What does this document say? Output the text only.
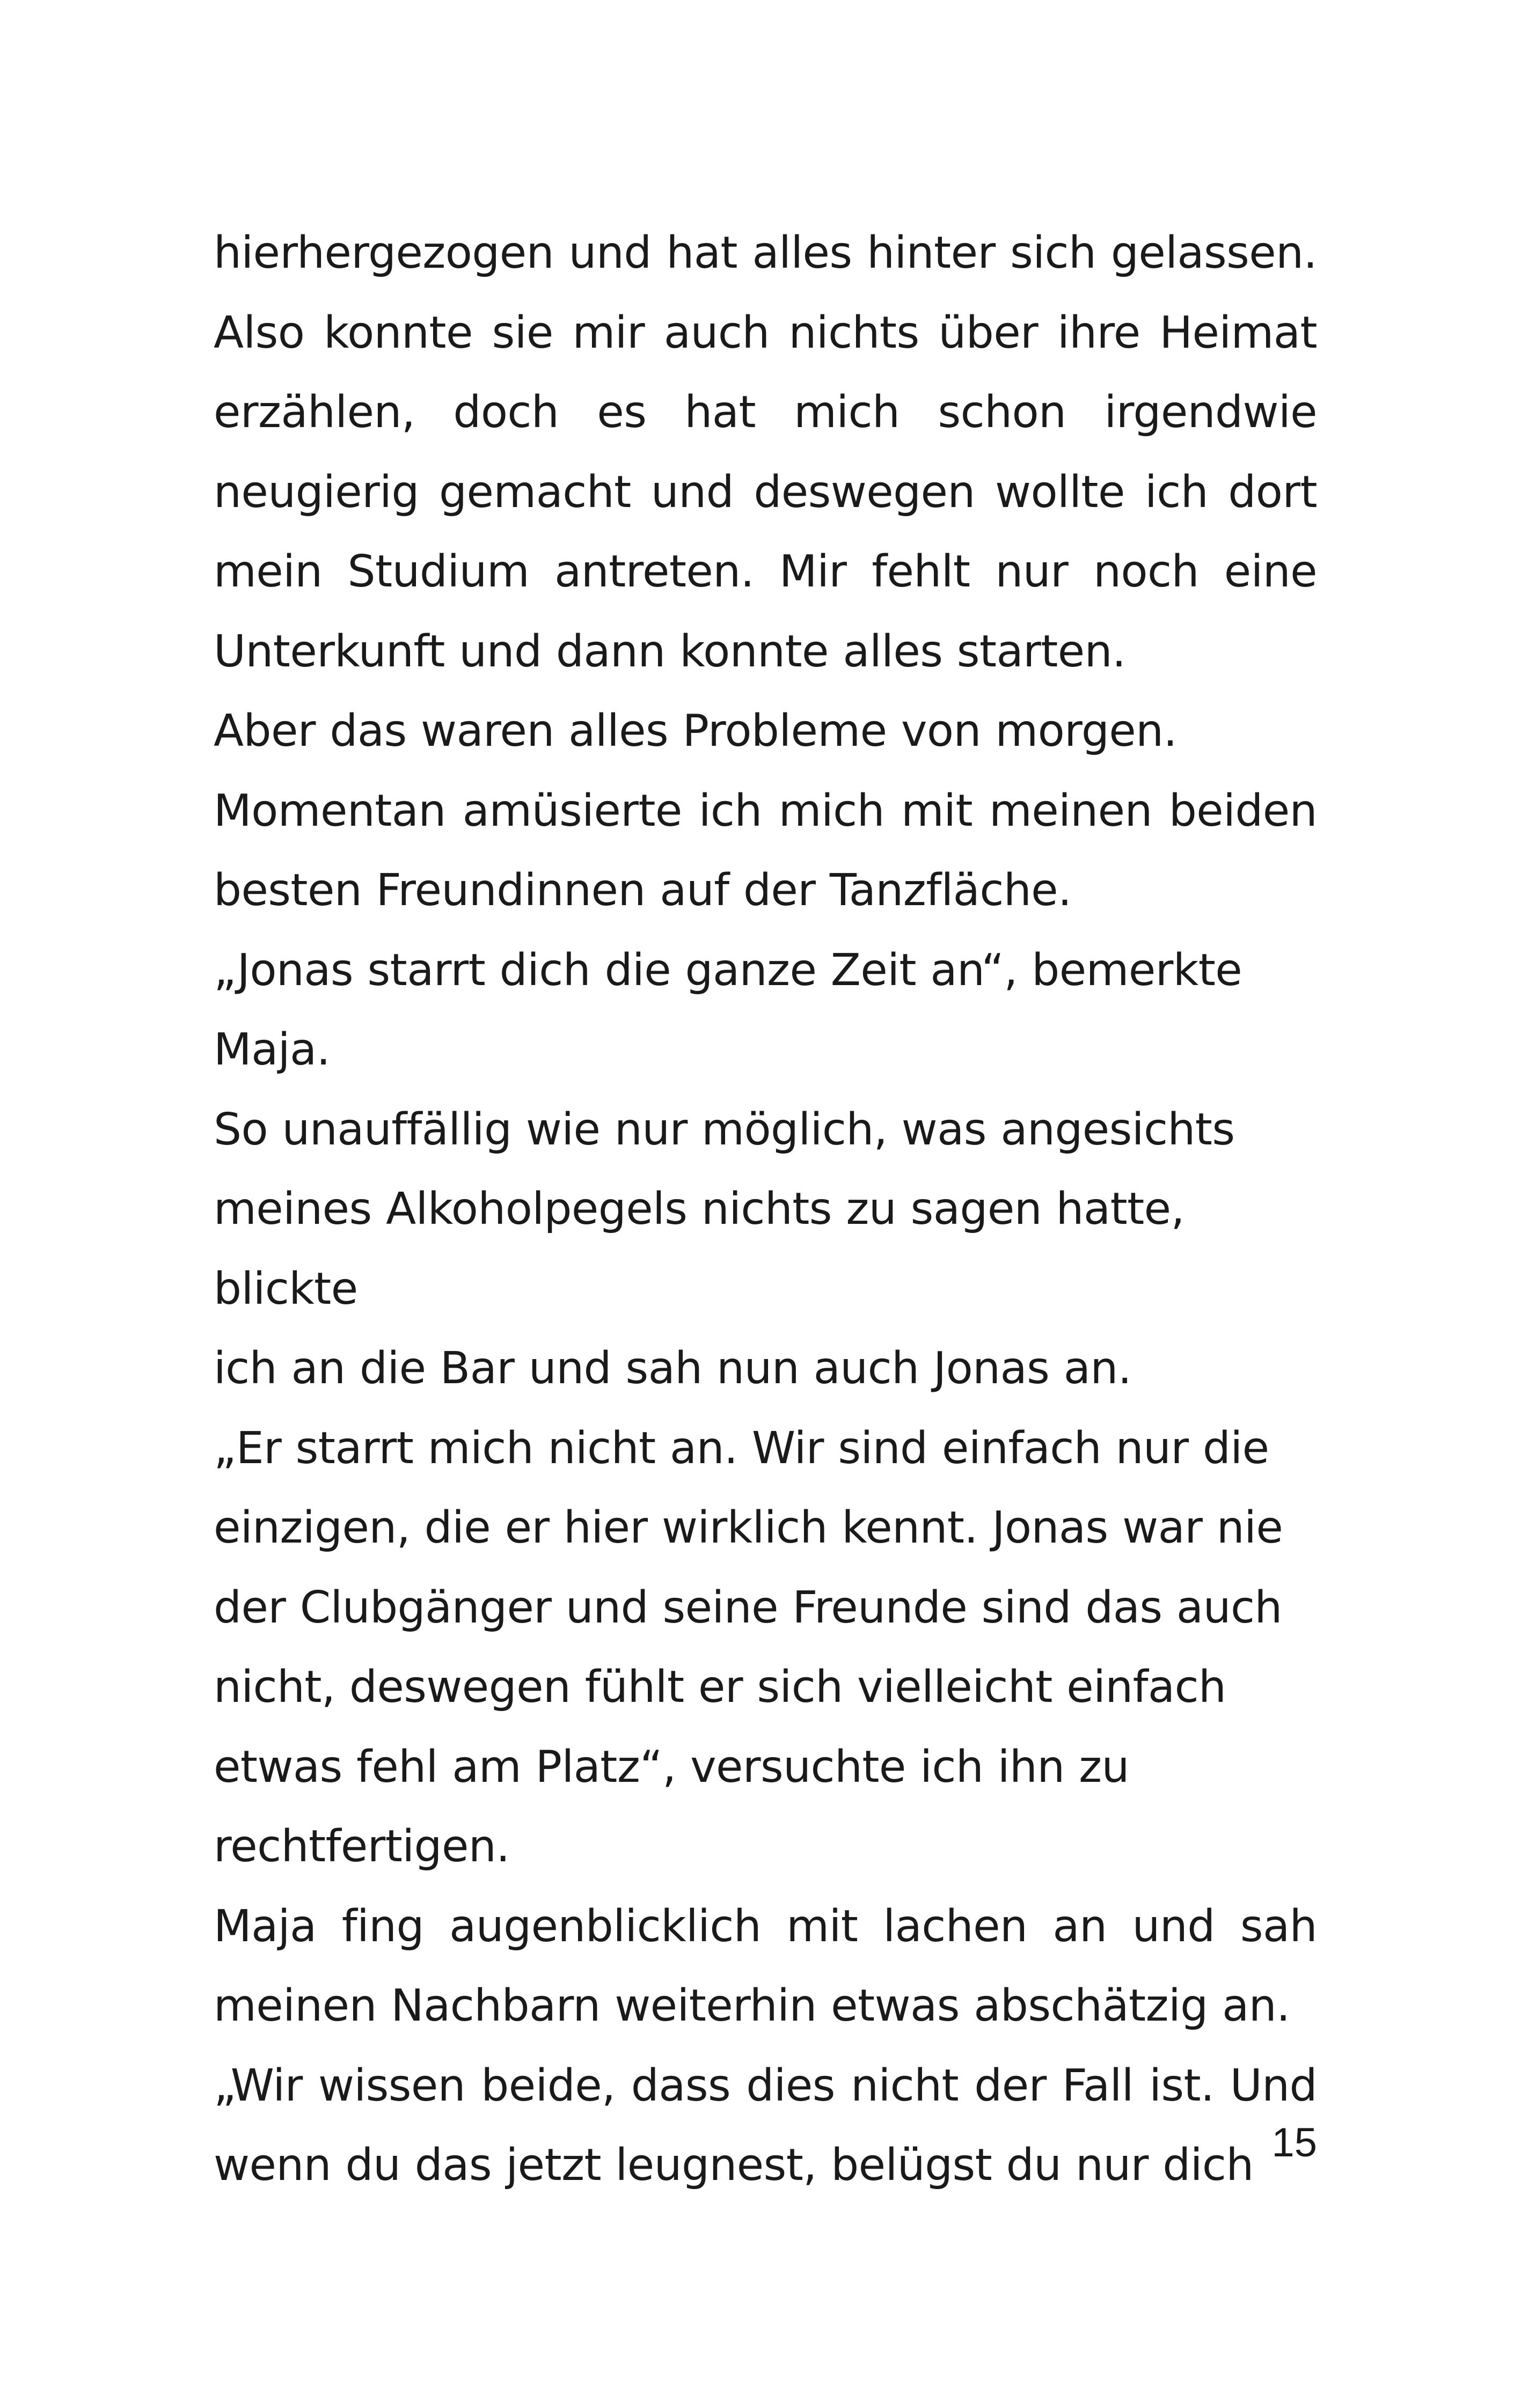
hierhergezogen und hat alles hinter sich gelassen. Also konnte sie mir auch nichts über ihre Heimat erzählen, doch es hat mich schon irgendwie neugierig gemacht und deswegen wollte ich dort mein Studium antreten. Mir fehlt nur noch eine Unterkunft und dann konnte alles starten.

Aber das waren alles Probleme von morgen.

Momentan amüsierte ich mich mit meinen beiden besten Freundinnen auf der Tanzfläche.

„Jonas starrt dich die ganze Zeit an“, bemerkte
Maja.

So unauffällig wie nur möglich, was angesichts
meines Alkoholpegels nichts zu sagen hatte, blickte
ich an die Bar und sah nun auch Jonas an.

„Er starrt mich nicht an. Wir sind einfach nur die
einzigen, die er hier wirklich kennt. Jonas war nie
der Clubgänger und seine Freunde sind das auch
nicht, deswegen fühlt er sich vielleicht einfach
etwas fehl am Platz“, versuchte ich ihn zu
rechtfertigen.

Maja fing augenblicklich mit lachen an und sah meinen Nachbarn weiterhin etwas abschätzig an.

„Wir wissen beide, dass dies nicht der Fall ist. Und wenn du das jetzt leugnest, belügst du nur dich 15
